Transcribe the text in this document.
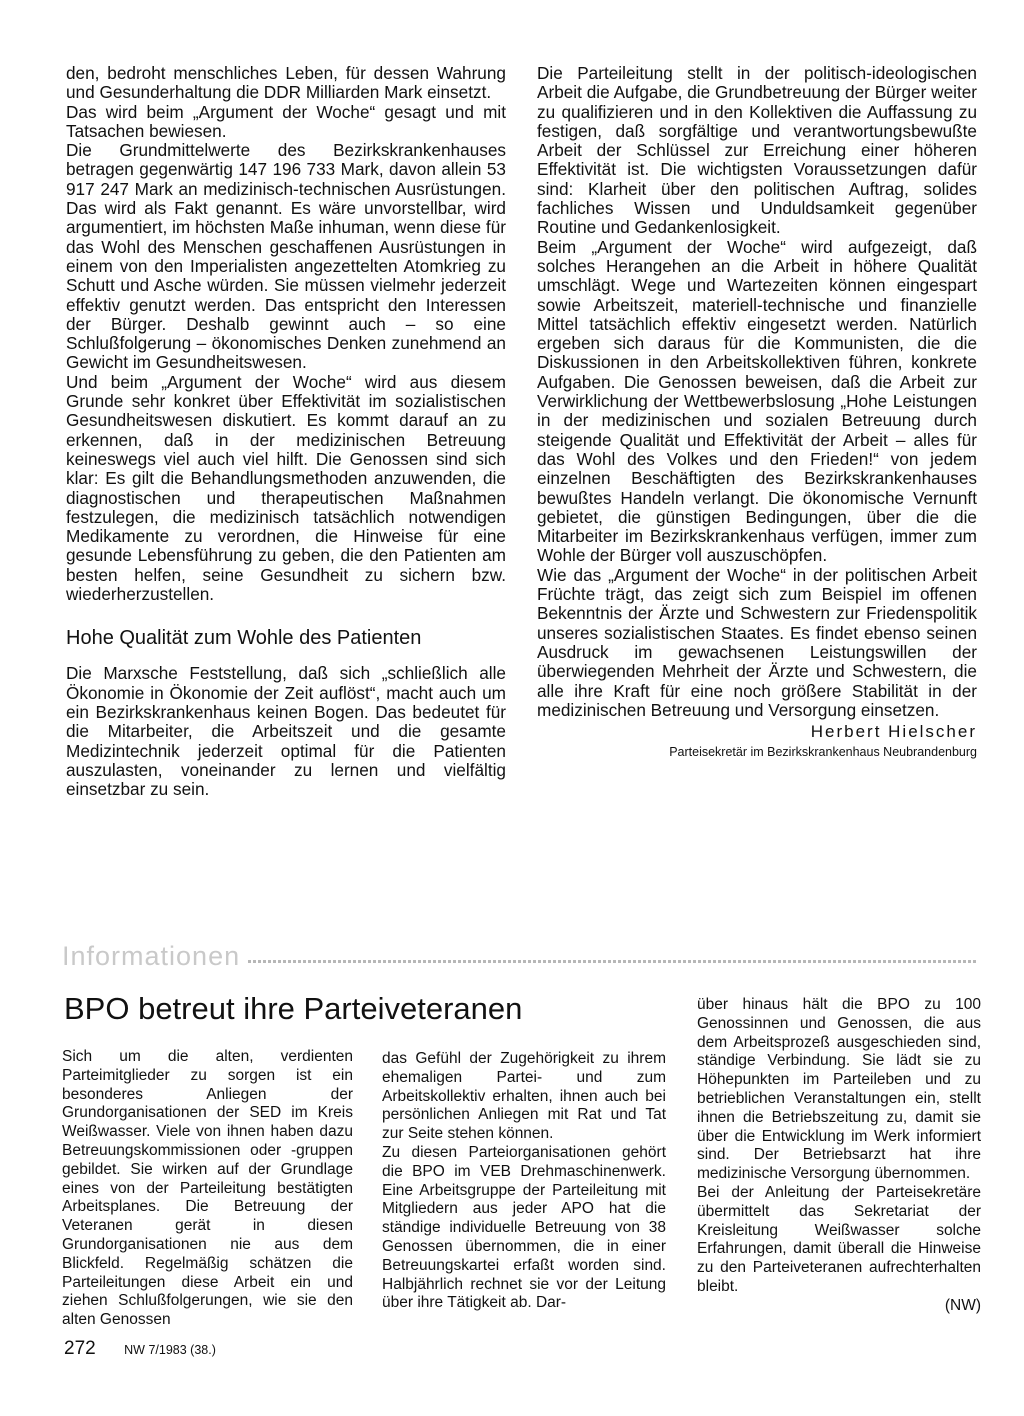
den, bedroht menschliches Leben, für dessen Wahrung und Gesunderhaltung die DDR Milliarden Mark einsetzt.

Das wird beim „Argument der Woche“ gesagt und mit Tatsachen bewiesen.

Die Grundmittelwerte des Bezirkskrankenhauses betragen gegenwärtig 147 196 733 Mark, davon allein 53 917 247 Mark an medizinisch-technischen Ausrüstungen. Das wird als Fakt genannt. Es wäre unvorstellbar, wird argumentiert, im höchsten Maße inhuman, wenn diese für das Wohl des Menschen geschaffenen Ausrüstungen in einem von den Imperialisten angezettelten Atomkrieg zu Schutt und Asche würden. Sie müssen vielmehr jederzeit effektiv genutzt werden. Das entspricht den Interessen der Bürger. Deshalb gewinnt auch – so eine Schlußfolgerung – ökonomisches Denken zunehmend an Gewicht im Gesundheitswesen.

Und beim „Argument der Woche“ wird aus diesem Grunde sehr konkret über Effektivität im sozialistischen Gesundheitswesen diskutiert. Es kommt darauf an zu erkennen, daß in der medizinischen Betreuung keineswegs viel auch viel hilft. Die Genossen sind sich klar: Es gilt die Behandlungsmethoden anzuwenden, die diagnostischen und therapeutischen Maßnahmen festzulegen, die medizinisch tatsächlich notwendigen Medikamente zu verordnen, die Hinweise für eine gesunde Lebensführung zu geben, die den Patienten am besten helfen, seine Gesundheit zu sichern bzw. wiederherzustellen.

Hohe Qualität zum Wohle des Patienten

Die Marxsche Feststellung, daß sich „schließlich alle Ökonomie in Ökonomie der Zeit auflöst“, macht auch um ein Bezirkskrankenhaus keinen Bogen. Das bedeutet für die Mitarbeiter, die Arbeitszeit und die gesamte Medizintechnik jederzeit optimal für die Patienten auszulasten, voneinander zu lernen und vielfältig einsetzbar zu sein.

Die Parteileitung stellt in der politisch-ideologischen Arbeit die Aufgabe, die Grundbetreuung der Bürger weiter zu qualifizieren und in den Kollektiven die Auffassung zu festigen, daß sorgfältige und verantwortungsbewußte Arbeit der Schlüssel zur Erreichung einer höheren Effektivität ist. Die wichtigsten Voraussetzungen dafür sind: Klarheit über den politischen Auftrag, solides fachliches Wissen und Unduldsamkeit gegenüber Routine und Gedankenlosigkeit.

Beim „Argument der Woche“ wird aufgezeigt, daß solches Herangehen an die Arbeit in höhere Qualität umschlägt. Wege und Wartezeiten können eingespart sowie Arbeitszeit, materiell-technische und finanzielle Mittel tatsächlich effektiv eingesetzt werden. Natürlich ergeben sich daraus für die Kommunisten, die die Diskussionen in den Arbeitskollektiven führen, konkrete Aufgaben. Die Genossen beweisen, daß die Arbeit zur Verwirklichung der Wettbewerbslosung „Hohe Leistungen in der medizinischen und sozialen Betreuung durch steigende Qualität und Effektivität der Arbeit – alles für das Wohl des Volkes und den Frieden!“ von jedem einzelnen Beschäftigten des Bezirkskrankenhauses bewußtes Handeln verlangt. Die ökonomische Vernunft gebietet, die günstigen Bedingungen, über die die Mitarbeiter im Bezirkskrankenhaus verfügen, immer zum Wohle der Bürger voll auszuschöpfen.

Wie das „Argument der Woche“ in der politischen Arbeit Früchte trägt, das zeigt sich zum Beispiel im offenen Bekenntnis der Ärzte und Schwestern zur Friedenspolitik unseres sozialistischen Staates. Es findet ebenso seinen Ausdruck im gewachsenen Leistungswillen der überwiegenden Mehrheit der Ärzte und Schwestern, die alle ihre Kraft für eine noch größere Stabilität in der medizinischen Betreuung und Versorgung einsetzen.

Herbert Hielscher
Parteisekretär im Bezirkskrankenhaus Neubrandenburg
Informationen
BPO betreut ihre Parteiveteranen

Sich um die alten, verdienten Parteimitglieder zu sorgen ist ein besonderes Anliegen der Grundorganisationen der SED im Kreis Weißwasser. Viele von ihnen haben dazu Betreuungskommissionen oder -gruppen gebildet. Sie wirken auf der Grundlage eines von der Parteileitung bestätigten Arbeitsplanes. Die Betreuung der Veteranen gerät in diesen Grundorganisationen nie aus dem Blickfeld. Regelmäßig schätzen die Parteileitungen diese Arbeit ein und ziehen Schlußfolgerungen, wie sie den alten Genossen

das Gefühl der Zugehörigkeit zu ihrem ehemaligen Partei- und zum Arbeitskollektiv erhalten, ihnen auch bei persönlichen Anliegen mit Rat und Tat zur Seite stehen können.

Zu diesen Parteiorganisationen gehört die BPO im VEB Drehmaschinenwerk. Eine Arbeitsgruppe der Parteileitung mit Mitgliedern aus jeder APO hat die ständige individuelle Betreuung von 38 Genossen übernommen, die in einer Betreuungskartei erfaßt worden sind. Halbjährlich rechnet sie vor der Leitung über ihre Tätigkeit ab. Dar-

über hinaus hält die BPO zu 100 Genossinnen und Genossen, die aus dem Arbeitsprozeß ausgeschieden sind, ständige Verbindung. Sie lädt sie zu Höhepunkten im Parteileben und zu betrieblichen Veranstaltungen ein, stellt ihnen die Betriebszeitung zu, damit sie über die Entwicklung im Werk informiert sind. Der Betriebsarzt hat ihre medizinische Versorgung übernommen.

Bei der Anleitung der Parteisekretäre übermittelt das Sekretariat der Kreisleitung Weißwasser solche Erfahrungen, damit überall die Hinweise zu den Parteiveteranen aufrechterhalten bleibt.

(NW)
272 NW 7/1983 (38.)
